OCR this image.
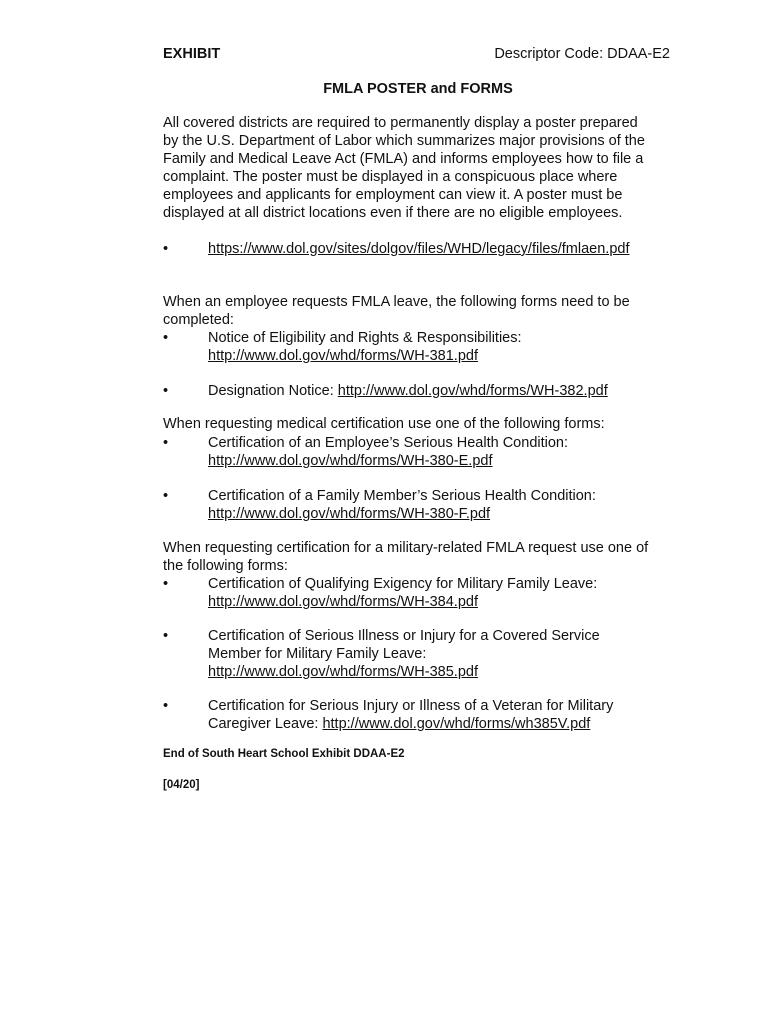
EXHIBIT	Descriptor Code: DDAA-E2
FMLA POSTER and FORMS
All covered districts are required to permanently display a poster prepared
by the U.S. Department of Labor which summarizes major provisions of the
Family and Medical Leave Act (FMLA) and informs employees how to file a
complaint. The poster must be displayed in a conspicuous place where
employees and applicants for employment can view it. A poster must be
displayed at all district locations even if there are no eligible employees.
•	https://www.dol.gov/sites/dolgov/files/WHD/legacy/files/fmlaen.pdf
When an employee requests FMLA leave, the following forms need to be
completed:
•	Notice of Eligibility and Rights & Responsibilities:
http://www.dol.gov/whd/forms/WH-381.pdf
•	Designation Notice: http://www.dol.gov/whd/forms/WH-382.pdf
When requesting medical certification use one of the following forms:
•	Certification of an Employee’s Serious Health Condition:
http://www.dol.gov/whd/forms/WH-380-E.pdf
•	Certification of a Family Member’s Serious Health Condition:
http://www.dol.gov/whd/forms/WH-380-F.pdf
When requesting certification for a military-related FMLA request use one of
the following forms:
•	Certification of Qualifying Exigency for Military Family Leave:
http://www.dol.gov/whd/forms/WH-384.pdf
•	Certification of Serious Illness or Injury for a Covered Service
Member for Military Family Leave:
http://www.dol.gov/whd/forms/WH-385.pdf
•	Certification for Serious Injury or Illness of a Veteran for Military
Caregiver Leave: http://www.dol.gov/whd/forms/wh385V.pdf
End of South Heart School Exhibit DDAA-E2
[04/20]
